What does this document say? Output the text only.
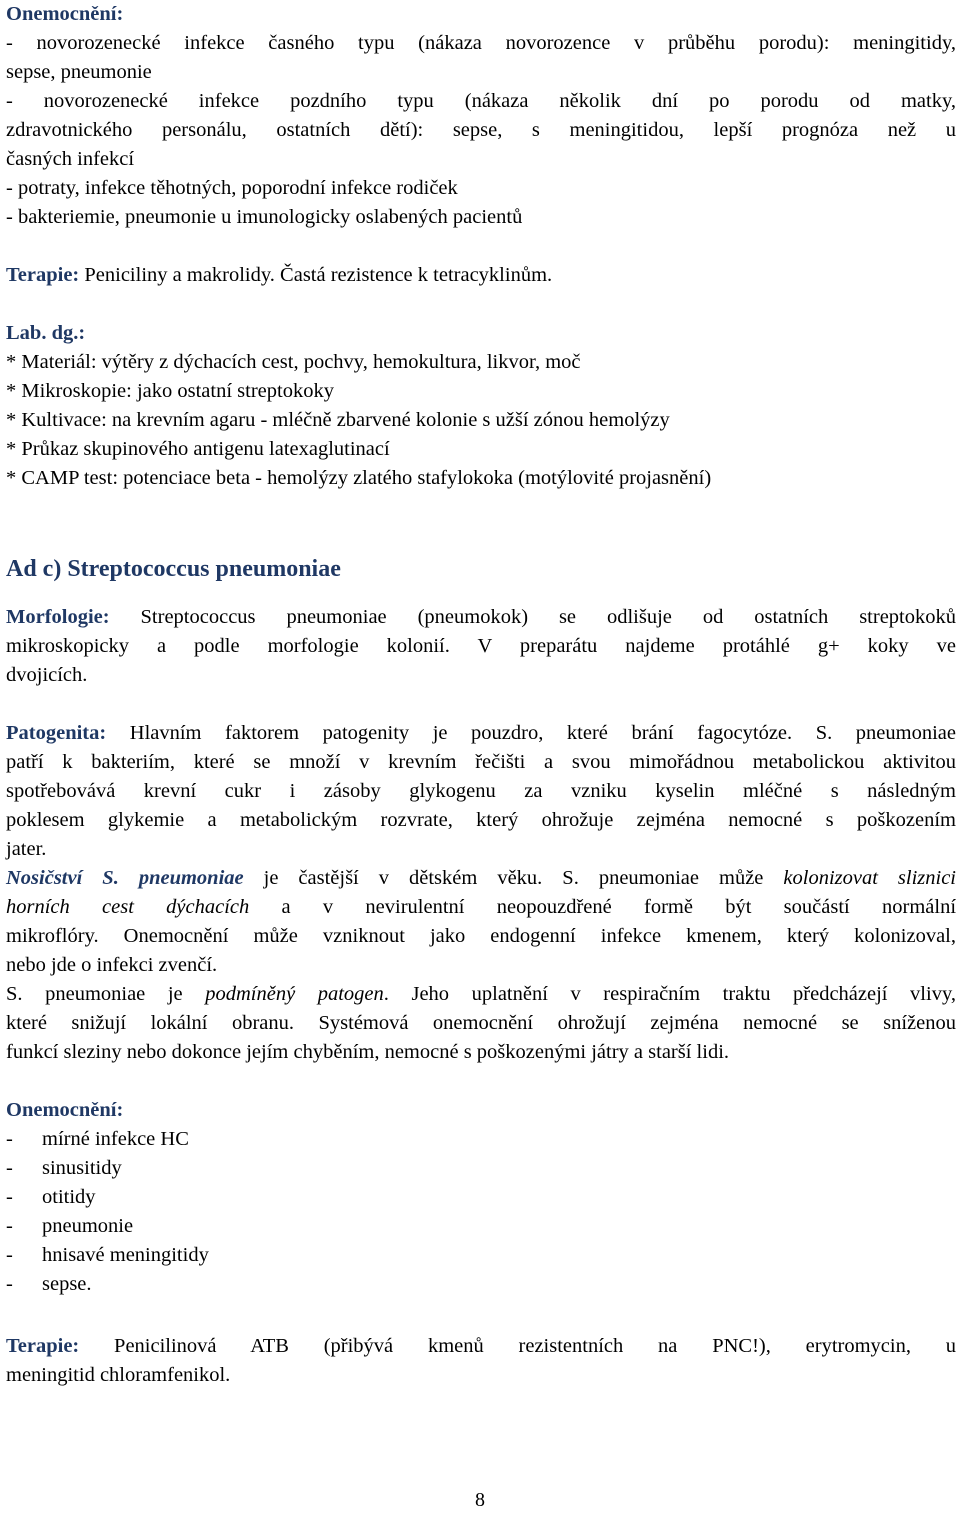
Onemocnění:
- novorozenecké infekce časného typu (nákaza novorozence v průběhu porodu): meningitidy,
sepse, pneumonie
- novorozenecké infekce pozdního typu (nákaza několik dní po porodu od matky,
zdravotnického personálu, ostatních dětí): sepse, s meningitidou, lepší prognóza než u
časných infekcí
- potraty, infekce těhotných, poporodní infekce rodiček
- bakteriemie, pneumonie u imunologicky oslabených pacientů
Terapie: Peniciliny a makrolidy. Častá rezistence k tetracyklinům.
Lab. dg.:
* Materiál: výtěry z dýchacích cest, pochvy, hemokultura, likvor, moč
* Mikroskopie: jako ostatní streptokoky
* Kultivace: na krevním agaru - mléčně zbarvené kolonie s užší zónou hemolýzy
* Průkaz skupinového antigenu latexaglutinací
* CAMP test: potenciace beta - hemolýzy zlatého stafylokoka (motýlovité projasnění)
Ad c) Streptococcus pneumoniae
Morfologie: Streptococcus pneumoniae (pneumokok) se odlišuje od ostatních streptokoků
mikroskopicky a podle morfologie kolonií. V preparátu najdeme protáhlé g+ koky ve
dvojicích.
Patogenita: Hlavním faktorem patogenity je pouzdro, které brání fagocytóze. S. pneumoniae
patří k bakteriím, které se množí v krevním řečišti a svou mimořádnou metabolickou aktivitou
spotřebovává krevní cukr i zásoby glykogenu za vzniku kyselin mléčné s následným
poklesem glykemie a metabolickým rozvrate, který ohrožuje zejména nemocné s poškozením
jater.
Nosičství S. pneumoniae je častější v dětském věku. S. pneumoniae může kolonizovat sliznici
horních cest dýchacích a v nevirulentní neopouzdřené formě být součástí normální
mikroflóry. Onemocnění může vzniknout jako endogenní infekce kmenem, který kolonizoval,
nebo jde o infekci zvenčí.
S. pneumoniae je podmíněný patogen. Jeho uplatnění v respiračním traktu předcházejí vlivy,
které snižují lokální obranu. Systémová onemocnění ohrožují zejména nemocné se sníženou
funkcí sleziny nebo dokonce jejím chyběním, nemocné s poškozenými játry a starší lidi.
Onemocnění:
-	mírné infekce HC
-	sinusitidy
-	otitidy
-	pneumonie
-	hnisavé meningitidy
-	sepse.
Terapie: Penicilinová ATB (přibývá kmenů rezistentních na PNC!), erytromycin, u
meningitid chloramfenikol.
8
